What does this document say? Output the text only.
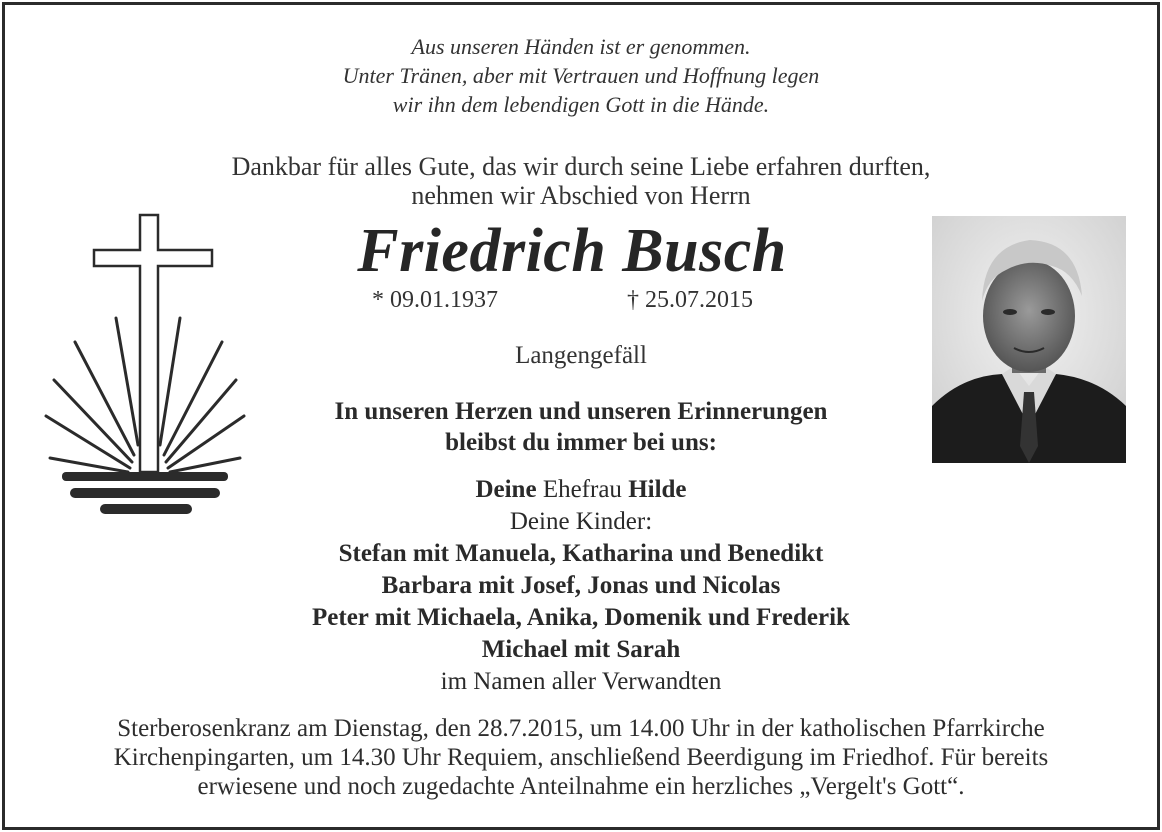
Aus unseren Händen ist er genommen.
Unter Tränen, aber mit Vertrauen und Hoffnung legen
wir ihn dem lebendigen Gott in die Hände.
Dankbar für alles Gute, das wir durch seine Liebe erfahren durften,
nehmen wir Abschied von Herrn
Friedrich Busch
* 09.01.1937	† 25.07.2015
Langengefäll
In unseren Herzen und unseren Erinnerungen
bleibst du immer bei uns:
Deine Ehefrau Hilde
Deine Kinder:
Stefan mit Manuela, Katharina und Benedikt
Barbara mit Josef, Jonas und Nicolas
Peter mit Michaela, Anika, Domenik und Frederik
Michael mit Sarah
im Namen aller Verwandten
Sterberosenkranz am Dienstag, den 28.7.2015, um 14.00 Uhr in der katholischen Pfarrkirche
Kirchenpingarten, um 14.30 Uhr Requiem, anschließend Beerdigung im Friedhof. Für bereits
erwiesene und noch zugedachte Anteilnahme ein herzliches „Vergelt's Gott“.
